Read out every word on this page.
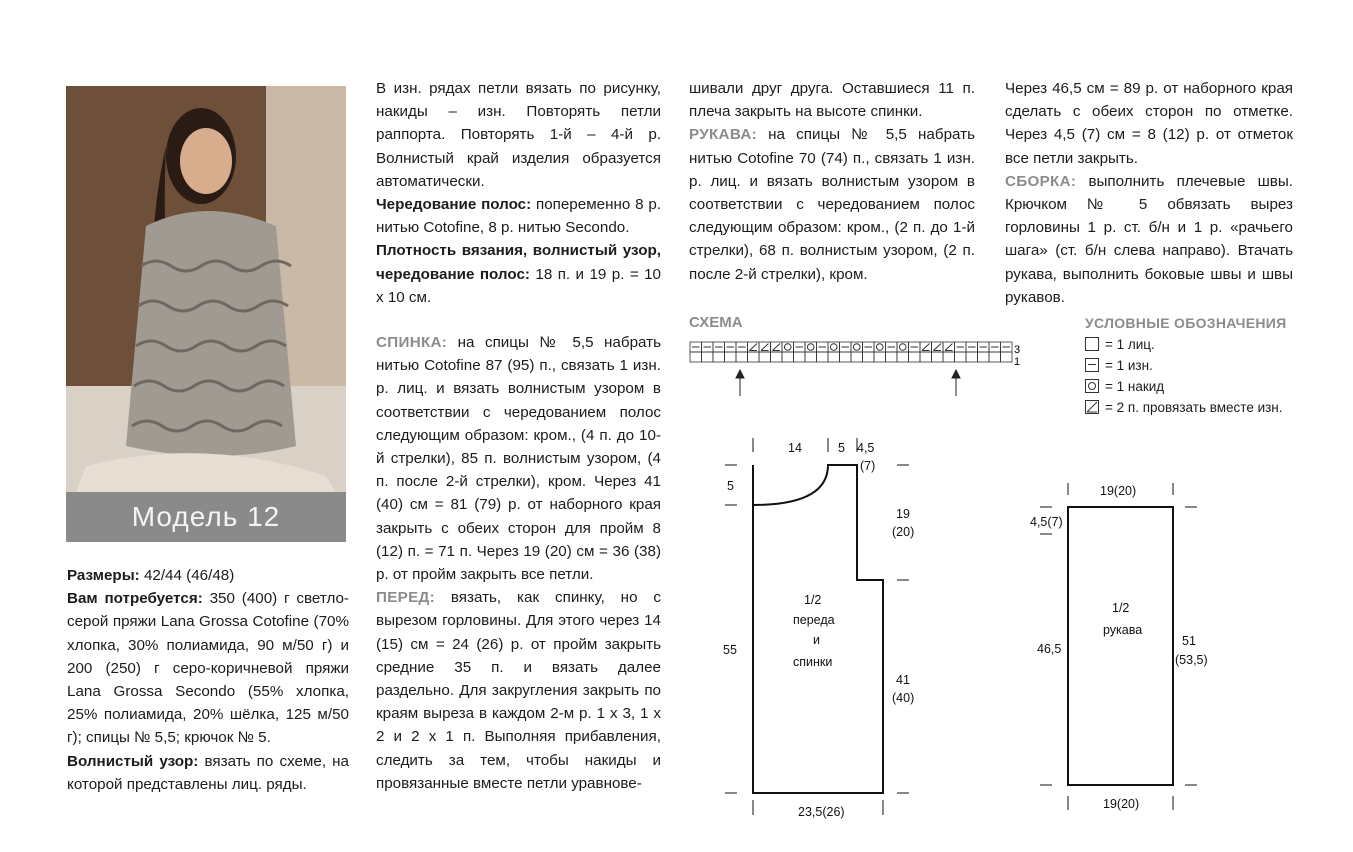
Модель 12

Размеры: 42/44 (46/48)

Вам потребуется: 350 (400) г светло-серой пряжи Lana Grossa Cotofine (70% хлопка, 30% полиамида, 90 м/50 г) и 200 (250) г серо-коричневой пряжи Lana Grossa Secondo (55% хлопка, 25% полиамида, 20% шёлка, 125 м/50 г); спицы № 5,5; крючок № 5.

Волнистый узор: вязать по схеме, на которой представлены лиц. ряды.

В изн. рядах петли вязать по рисунку, накиды – изн. Повторять петли раппорта. Повторять 1-й – 4-й р. Волнистый край изделия образуется автоматически.

Чередование полос: попеременно 8 р. нитью Cotofine, 8 р. нитью Secondo.

Плотность вязания, волнистый узор, чередование полос: 18 п. и 19 р. = 10 х 10 см.

СПИНКА: на спицы № 5,5 набрать нитью Cotofine 87 (95) п., связать 1 изн. р. лиц. и вязать волнистым узором в соответствии с чередованием полос следующим образом: кром., (4 п. до 10-й стрелки), 85 п. волнистым узором, (4 п. после 2-й стрелки), кром. Через 41 (40) см = 81 (79) р. от наборного края закрыть с обеих сторон для пройм 8 (12) п. = 71 п. Через 19 (20) см = 36 (38) р. от пройм закрыть все петли.

ПЕРЕД: вязать, как спинку, но с вырезом горловины. Для этого через 14 (15) см = 24 (26) р. от пройм закрыть средние 35 п. и вязать далее раздельно. Для закругления закрыть по краям выреза в каждом 2-м р. 1 х 3, 1 х 2 и 2 х 1 п. Выполняя прибавления, следить за тем, чтобы накиды и провязанные вместе петли уравнове-

шивали друг друга. Оставшиеся 11 п. плеча закрыть на высоте спинки.

РУКАВА: на спицы № 5,5 набрать нитью Cotofine 70 (74) п., связать 1 изн. р. лиц. и вязать волнистым узором в соответствии с чередованием полос следующим образом: кром., (2 п. до 1-й стрелки), 68 п. волнистым узором, (2 п. после 2-й стрелки), кром.

Через 46,5 см = 89 р. от наборного края сделать с обеих сторон по отметке. Через 4,5 (7) см = 8 (12) р. от отметок все петли закрыть.

СБОРКА: выполнить плечевые швы. Крючком № 5 обвязать вырез горловины 1 р. ст. б/н и 1 р. «рачьего шага» (ст. б/н слева направо). Втачать рукава, выполнить боковые швы и швы рукавов.

СХЕМА
3
1
УСЛОВНЫЕ ОБОЗНАЧЕНИЯ
= 1 лиц.
= 1 изн.
= 1 накид
= 2 п. провязать вместе изн.
14	5 4,5
(7)
5
19
(20)
55
41
(40)
23,5(26)
1/2
переда
и
спинки
19(20)
4,5(7)
46,5
51
(53,5)
19(20)
1/2
рукава
